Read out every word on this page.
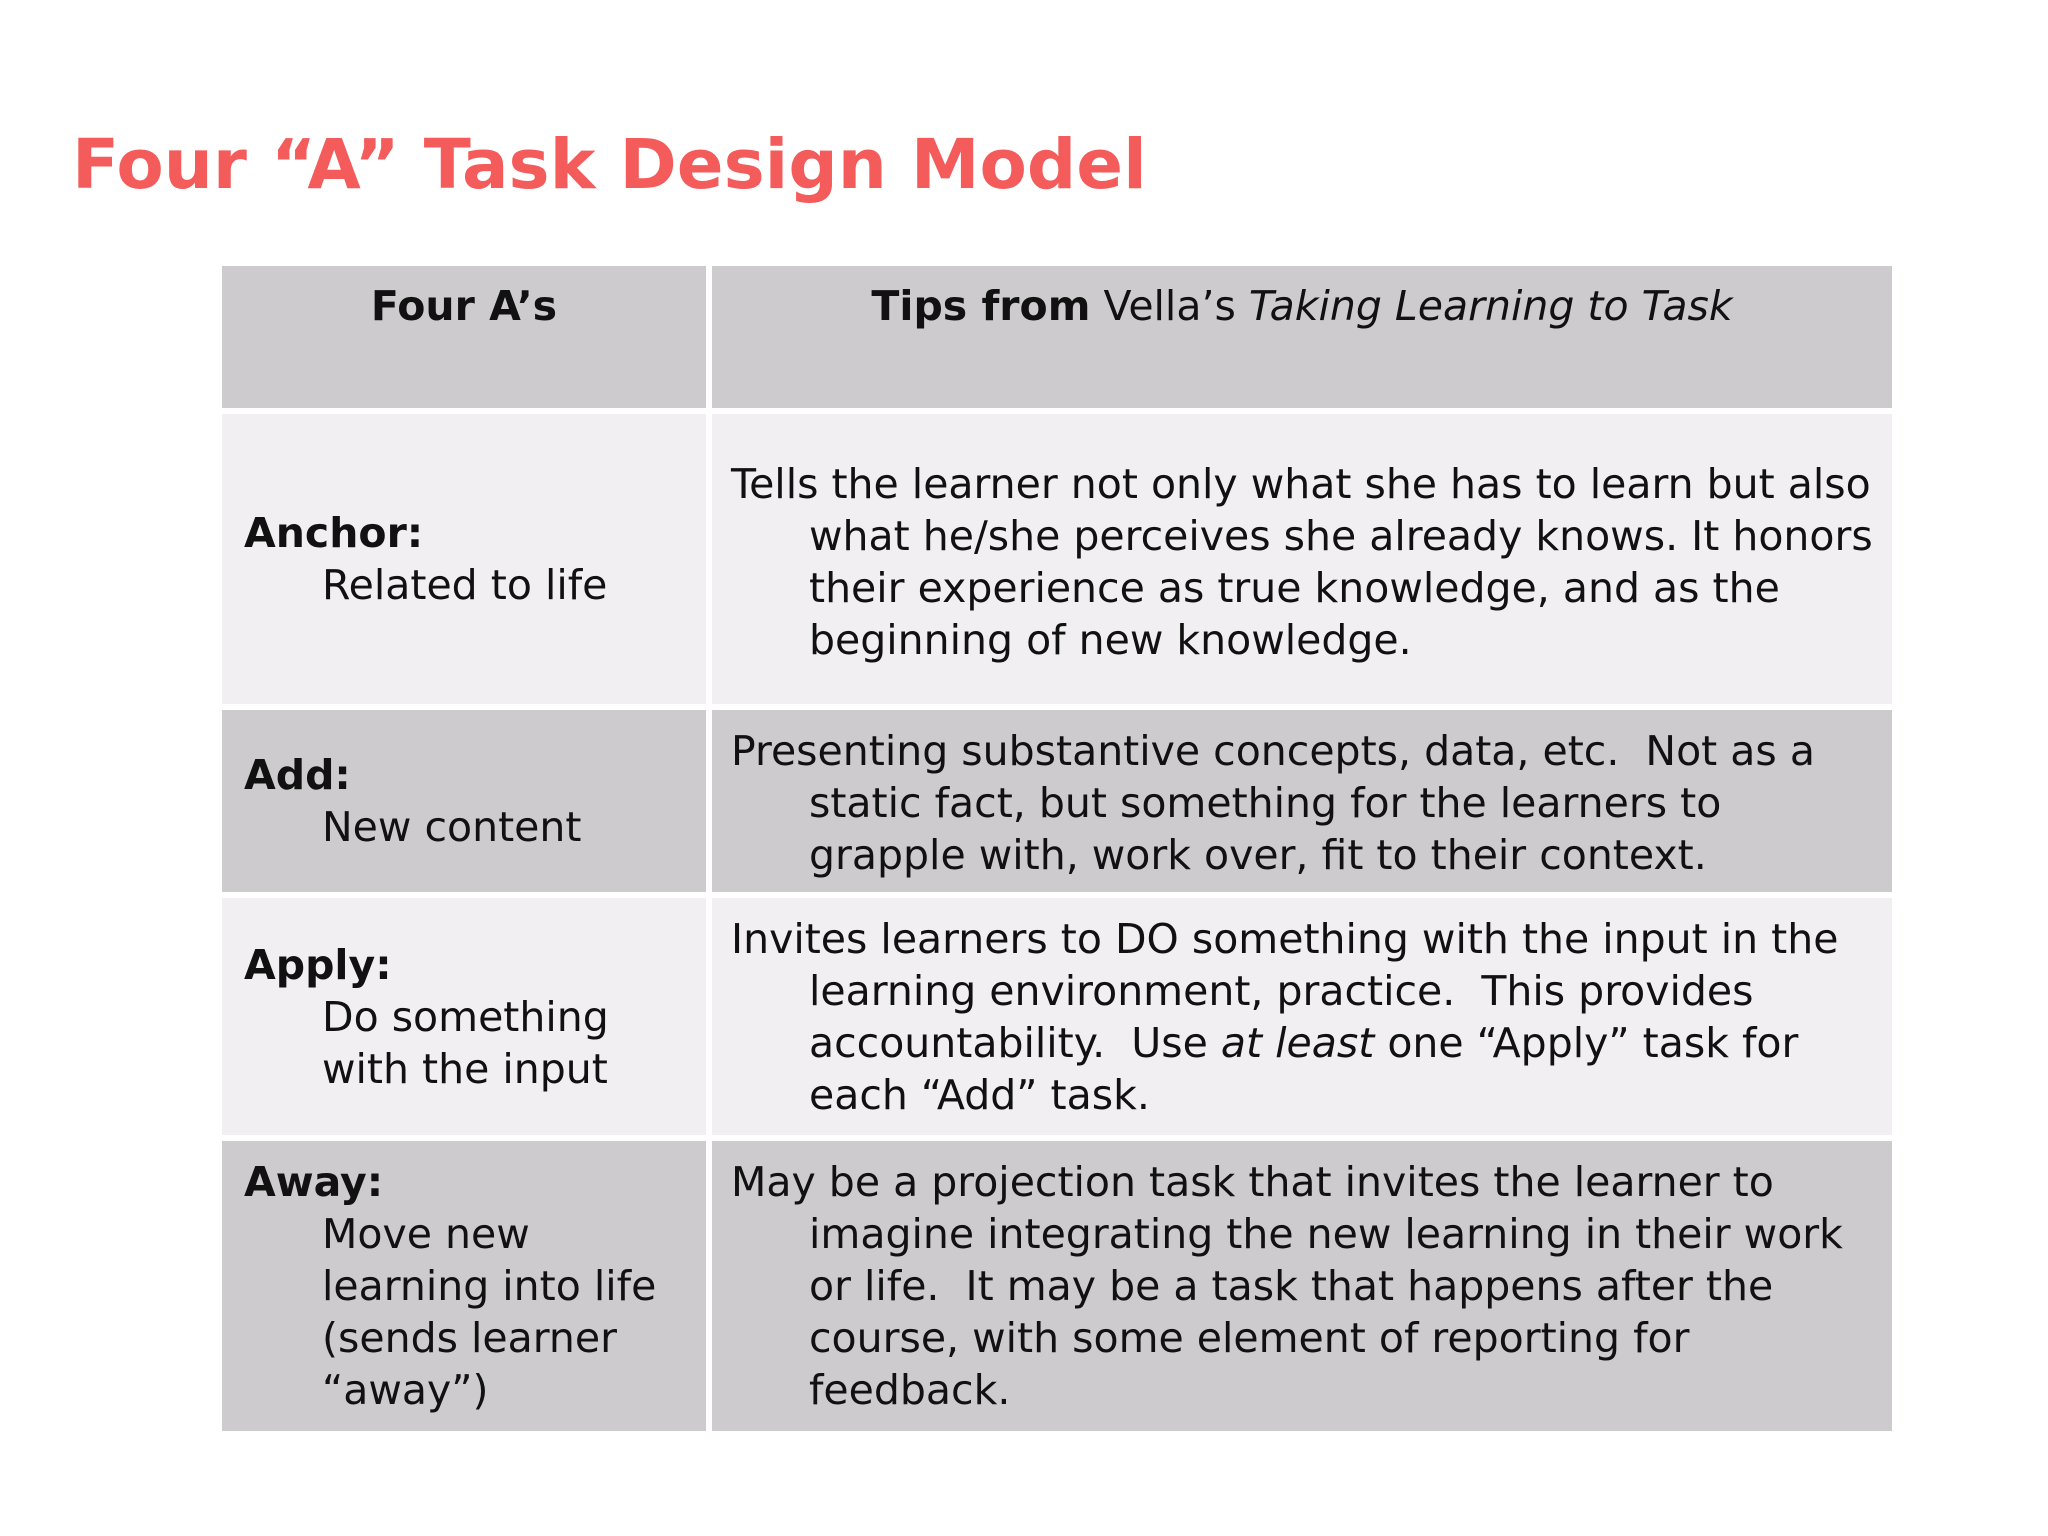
Four “A” Task Design Model
Four A’s	Tips from Vella’s Taking Learning to Task
Anchor:
Related to life

Tells the learner not only what she has to learn but also what he/she perceives she already knows. It honors their experience as true knowledge, and as the beginning of new knowledge.

Add:
New content

Presenting substantive concepts, data, etc.  Not as a static fact, but something for the learners to grapple with, work over, fit to their context.

Apply:
Do something with the input

Invites learners to DO something with the input in the learning environment, practice.  This provides accountability.  Use at least one “Apply” task for each “Add” task.

Away:
Move new learning into life (sends learner “away”)

May be a projection task that invites the learner to imagine integrating the new learning in their work or life.  It may be a task that happens after the course, with some element of reporting for feedback.
